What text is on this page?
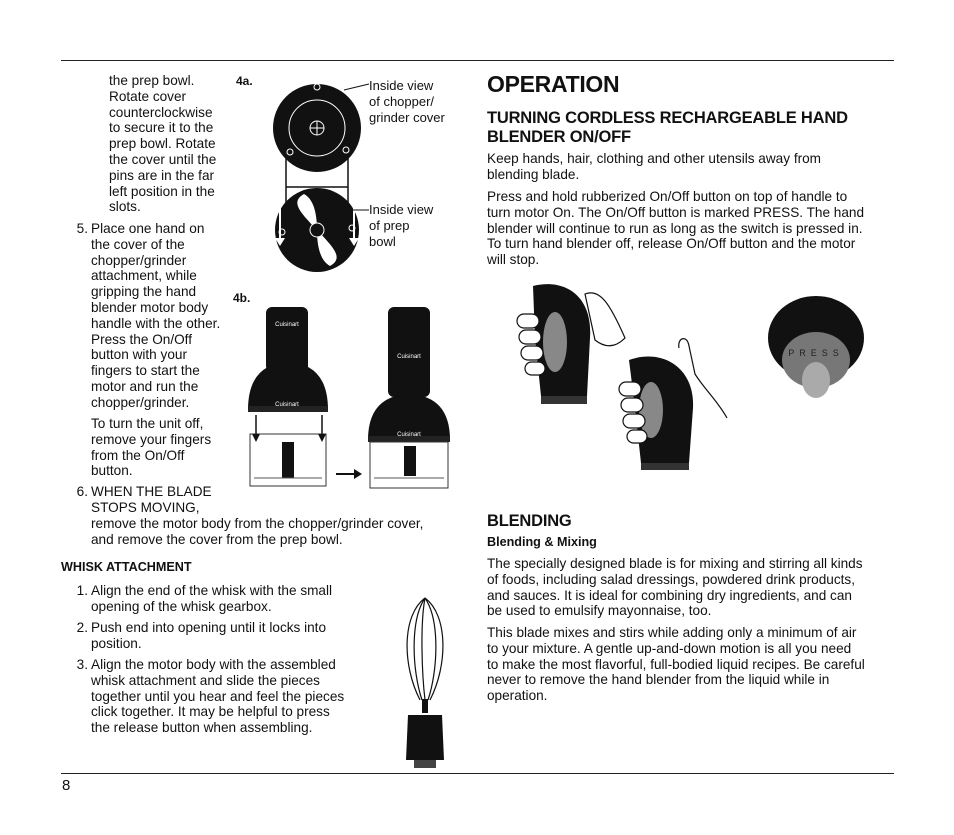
8
the prep bowl.
Rotate cover
counterclockwise
to secure it to the
prep bowl. Rotate
the cover until the
pins are in the far
left position in the
slots.
5. Place one hand on
the cover of the
chopper/grinder
attachment, while
gripping the hand
blender motor body
handle with the other.
Press the On/Off
button with your
fingers to start the
motor and run the
chopper/grinder.
To turn the unit off,
remove your fingers
from the On/Off
button.
6. WHEN THE BLADE
STOPS MOVING,
remove the motor body from the chopper/grinder cover,
and remove the cover from the prep bowl.
WHISK ATTACHMENT
1. Align the end of the whisk with the small
opening of the whisk gearbox.
2. Push end into opening until it locks into
position.
3. Align the motor body with the assembled
whisk attachment and slide the pieces
together until you hear and feel the pieces
click together. It may be helpful to press
the release button when assembling.
4a.	Inside view
of chopper/
grinder cover
Inside view
of prep
bowl
4b.
Cuisinart
Cuisinart
Cuisinart
Cuisinart
OPERATION
TURNING CORDLESS RECHARGEABLE HAND
BLENDER ON/OFF
Keep hands, hair, clothing and other utensils away from
blending blade.
Press and hold rubberized On/Off button on top of handle to
turn motor On. The On/Off button is marked PRESS. The hand
blender will continue to run as long as the switch is pressed in.
To turn hand blender off, release On/Off button and the motor
will stop.
PRESS
BLENDING
Blending & Mixing
The specially designed blade is for mixing and stirring all kinds
of foods, including salad dressings, powdered drink products,
and sauces. It is ideal for combining dry ingredients, and can
be used to emulsify mayonnaise, too.
This blade mixes and stirs while adding only a minimum of air
to your mixture. A gentle up-and-down motion is all you need
to make the most flavorful, full-bodied liquid recipes. Be careful
never to remove the hand blender from the liquid while in
operation.
